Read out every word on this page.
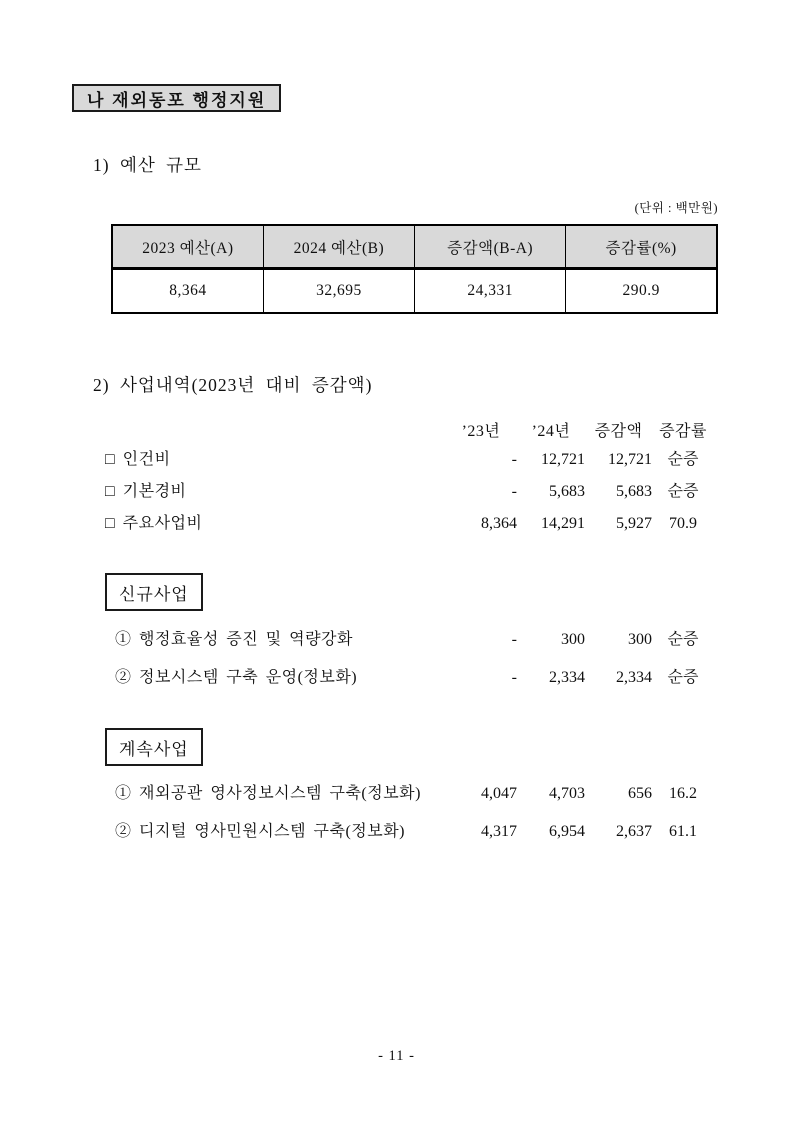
나 재외동포 행정지원
1) 예산 규모
(단위 : 백만원)
2023 예산(A)	2024 예산(B)	증감액(B-A)	증감률(%)
8,364	32,695	24,331	290.9
2) 사업내역(2023년 대비 증감액)
’23년	’24년	증감액	증감률
□ 인건비	-	12,721	12,721 순증
□ 기본경비	-	5,683	5,683 순증
□ 주요사업비	8,364	14,291	5,927	70.9
신규사업
① 행정효율성 증진 및 역량강화	-	300	300 순증
② 정보시스템 구축 운영(정보화)	-	2,334	2,334 순증
계속사업
① 재외공관 영사정보시스템 구축(정보화)	4,047	4,703	656	16.2
② 디지털 영사민원시스템 구축(정보화)	4,317	6,954	2,637	61.1
- 11 -
